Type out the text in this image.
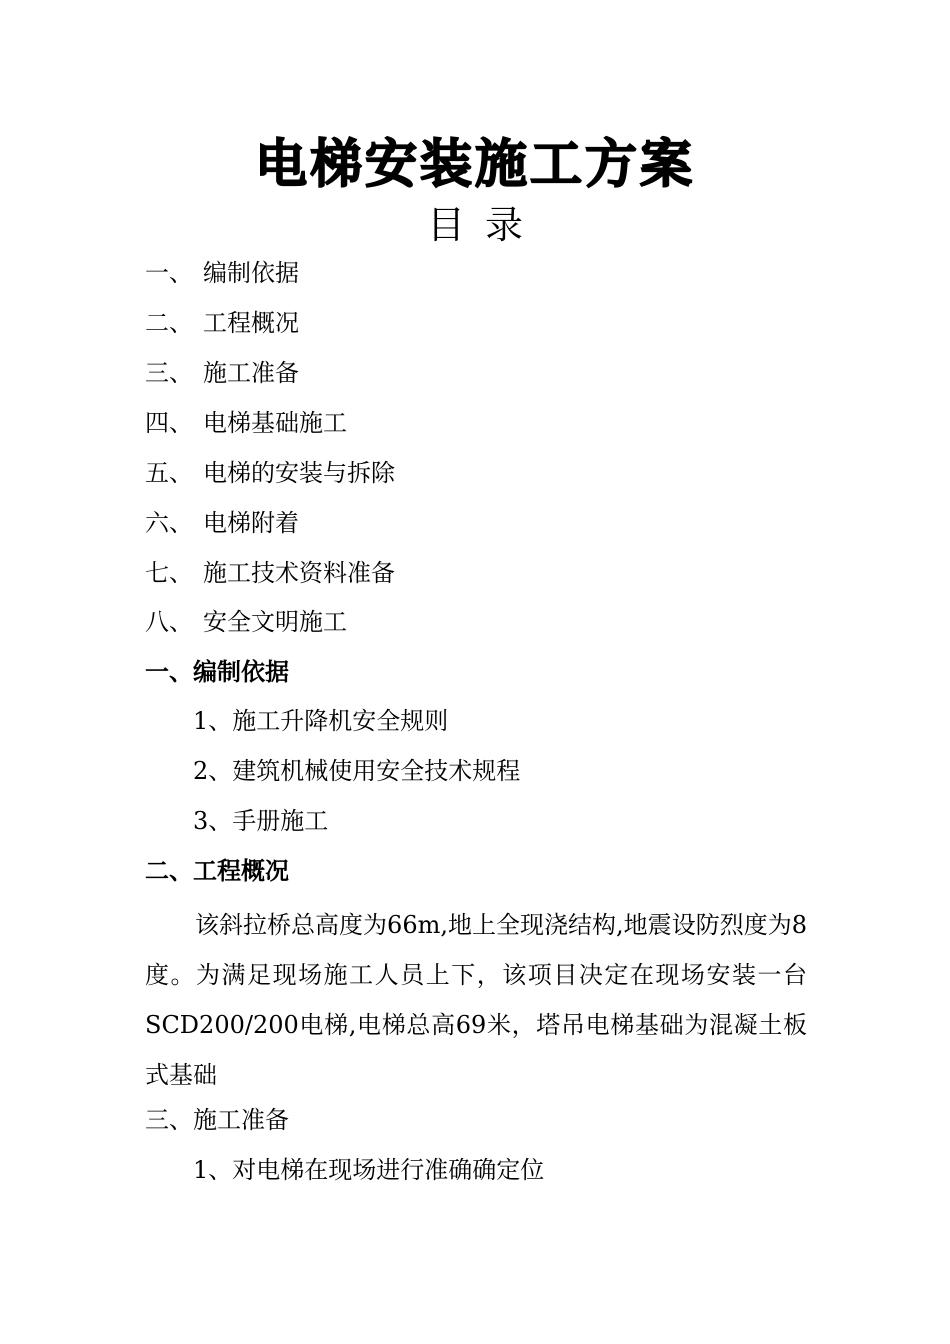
电梯安装施工方案
目 录
一、 编制依据
二、 工程概况
三、 施工准备
四、 电梯基础施工
五、 电梯的安装与拆除
六、 电梯附着
七、 施工技术资料准备
八、 安全文明施工
一、编制依据
1、施工升降机安全规则
2、建筑机械使用安全技术规程
3、手册施工
二、工程概况
该斜拉桥总高度为66m,地上全现浇结构,地震设防烈度为8度。为满足现场施工人员上下，该项目决定在现场安装一台SCD200/200电梯,电梯总高69米，塔吊电梯基础为混凝土板式基础
三、施工准备
1、对电梯在现场进行准确确定位
